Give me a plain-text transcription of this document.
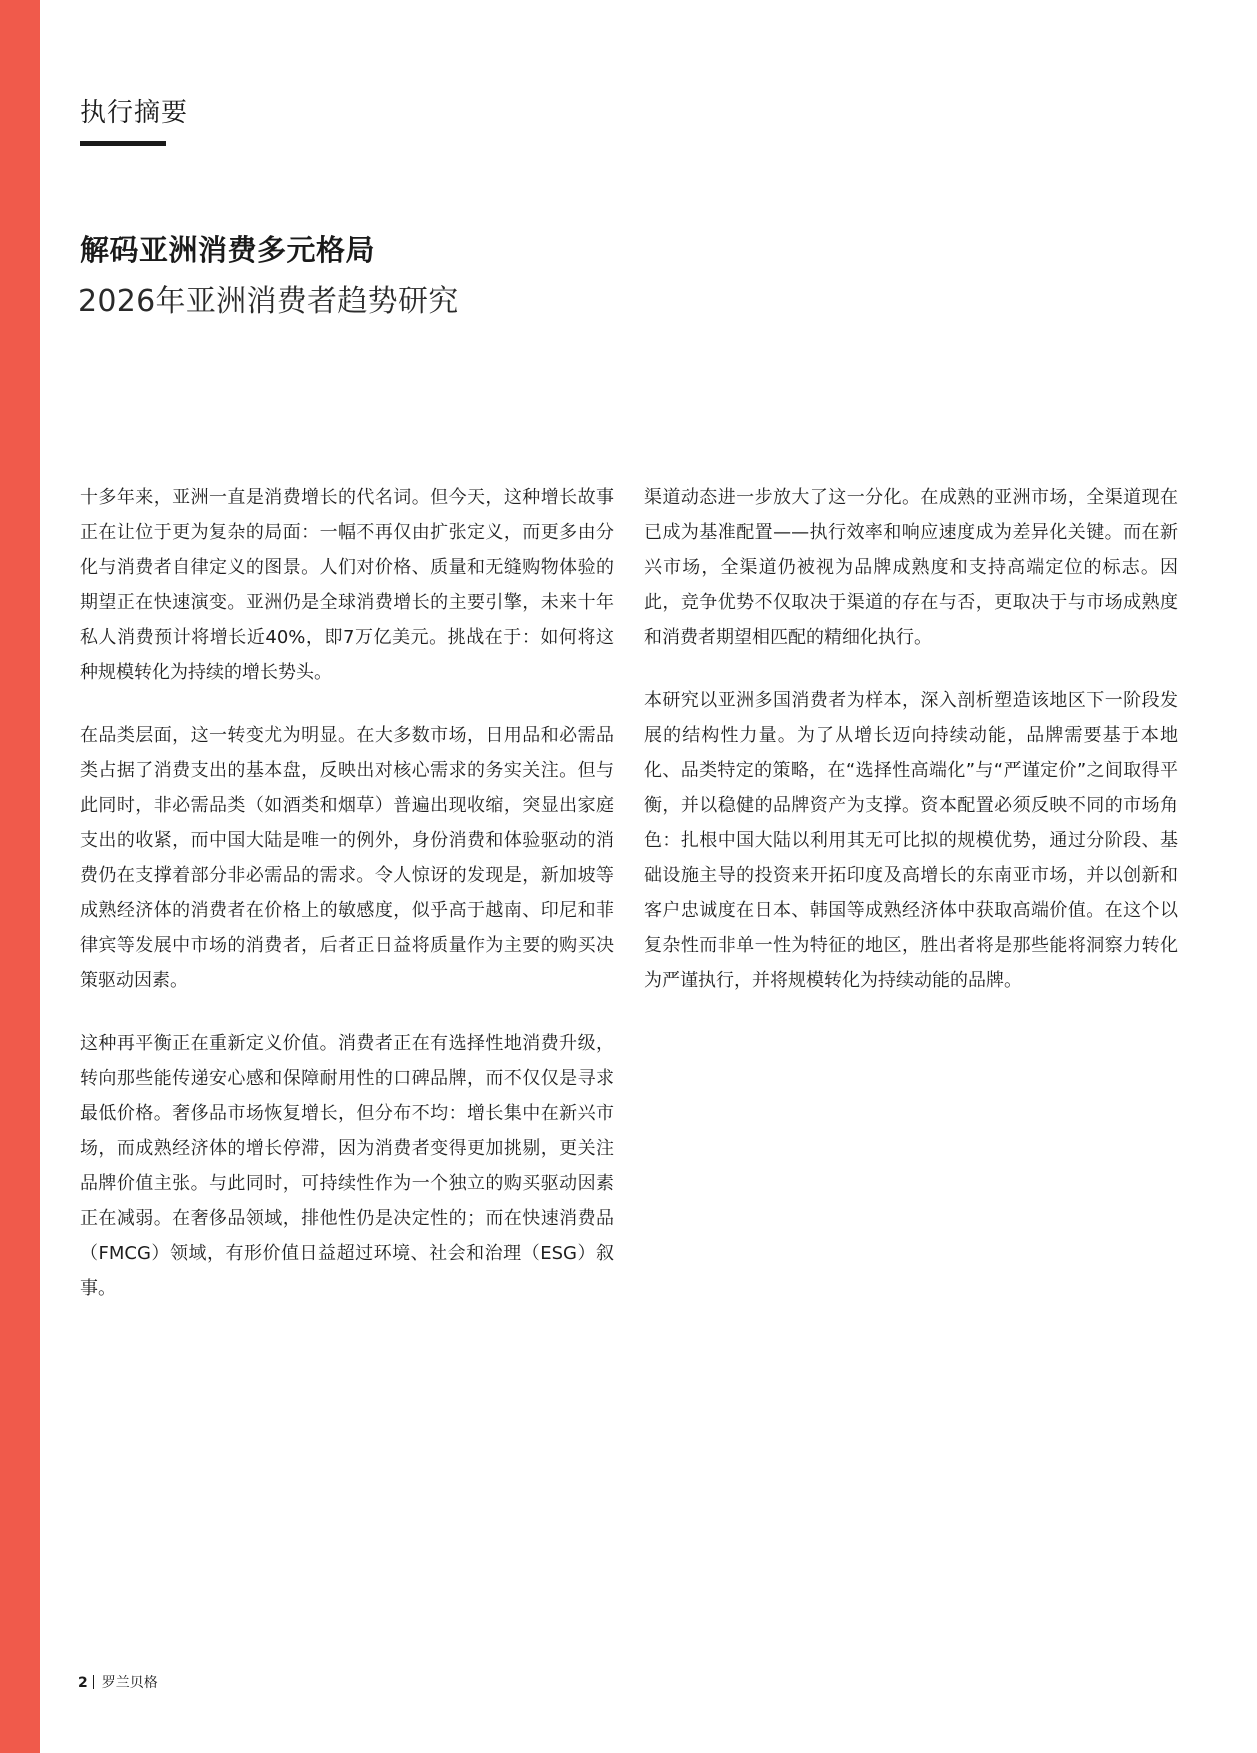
执行摘要
解码亚洲消费多元格局
2026年亚洲消费者趋势研究

十多年来，亚洲一直是消费增长的代名词。但今天，这种增长故事正在让位于更为复杂的局面：一幅不再仅由扩张定义，而更多由分化与消费者自律定义的图景。人们对价格、质量和无缝购物体验的期望正在快速演变。亚洲仍是全球消费增长的主要引擎，未来十年私人消费预计将增长近40%，即7万亿美元。挑战在于：如何将这种规模转化为持续的增长势头。

在品类层面，这一转变尤为明显。在大多数市场，日用品和必需品类占据了消费支出的基本盘，反映出对核心需求的务实关注。但与此同时，非必需品类（如酒类和烟草）普遍出现收缩，突显出家庭支出的收紧，而中国大陆是唯一的例外，身份消费和体验驱动的消费仍在支撑着部分非必需品的需求。令人惊讶的发现是，新加坡等成熟经济体的消费者在价格上的敏感度，似乎高于越南、印尼和菲律宾等发展中市场的消费者，后者正日益将质量作为主要的购买决策驱动因素。

这种再平衡正在重新定义价值。消费者正在有选择性地消费升级，转向那些能传递安心感和保障耐用性的口碑品牌，而不仅仅是寻求最低价格。奢侈品市场恢复增长，但分布不均：增长集中在新兴市场，而成熟经济体的增长停滞，因为消费者变得更加挑剔，更关注品牌价值主张。与此同时，可持续性作为一个独立的购买驱动因素正在减弱。在奢侈品领域，排他性仍是决定性的；而在快速消费品（FMCG）领域，有形价值日益超过环境、社会和治理（ESG）叙事。

渠道动态进一步放大了这一分化。在成熟的亚洲市场，全渠道现在已成为基准配置——执行效率和响应速度成为差异化关键。而在新兴市场，全渠道仍被视为品牌成熟度和支持高端定位的标志。因此，竞争优势不仅取决于渠道的存在与否，更取决于与市场成熟度和消费者期望相匹配的精细化执行。

本研究以亚洲多国消费者为样本，深入剖析塑造该地区下一阶段发展的结构性力量。为了从增长迈向持续动能，品牌需要基于本地化、品类特定的策略，在“选择性高端化”与“严谨定价”之间取得平衡，并以稳健的品牌资产为支撑。资本配置必须反映不同的市场角色：扎根中国大陆以利用其无可比拟的规模优势，通过分阶段、基础设施主导的投资来开拓印度及高增长的东南亚市场，并以创新和客户忠诚度在日本、韩国等成熟经济体中获取高端价值。在这个以复杂性而非单一性为特征的地区，胜出者将是那些能将洞察力转化为严谨执行，并将规模转化为持续动能的品牌。

2 罗兰贝格
